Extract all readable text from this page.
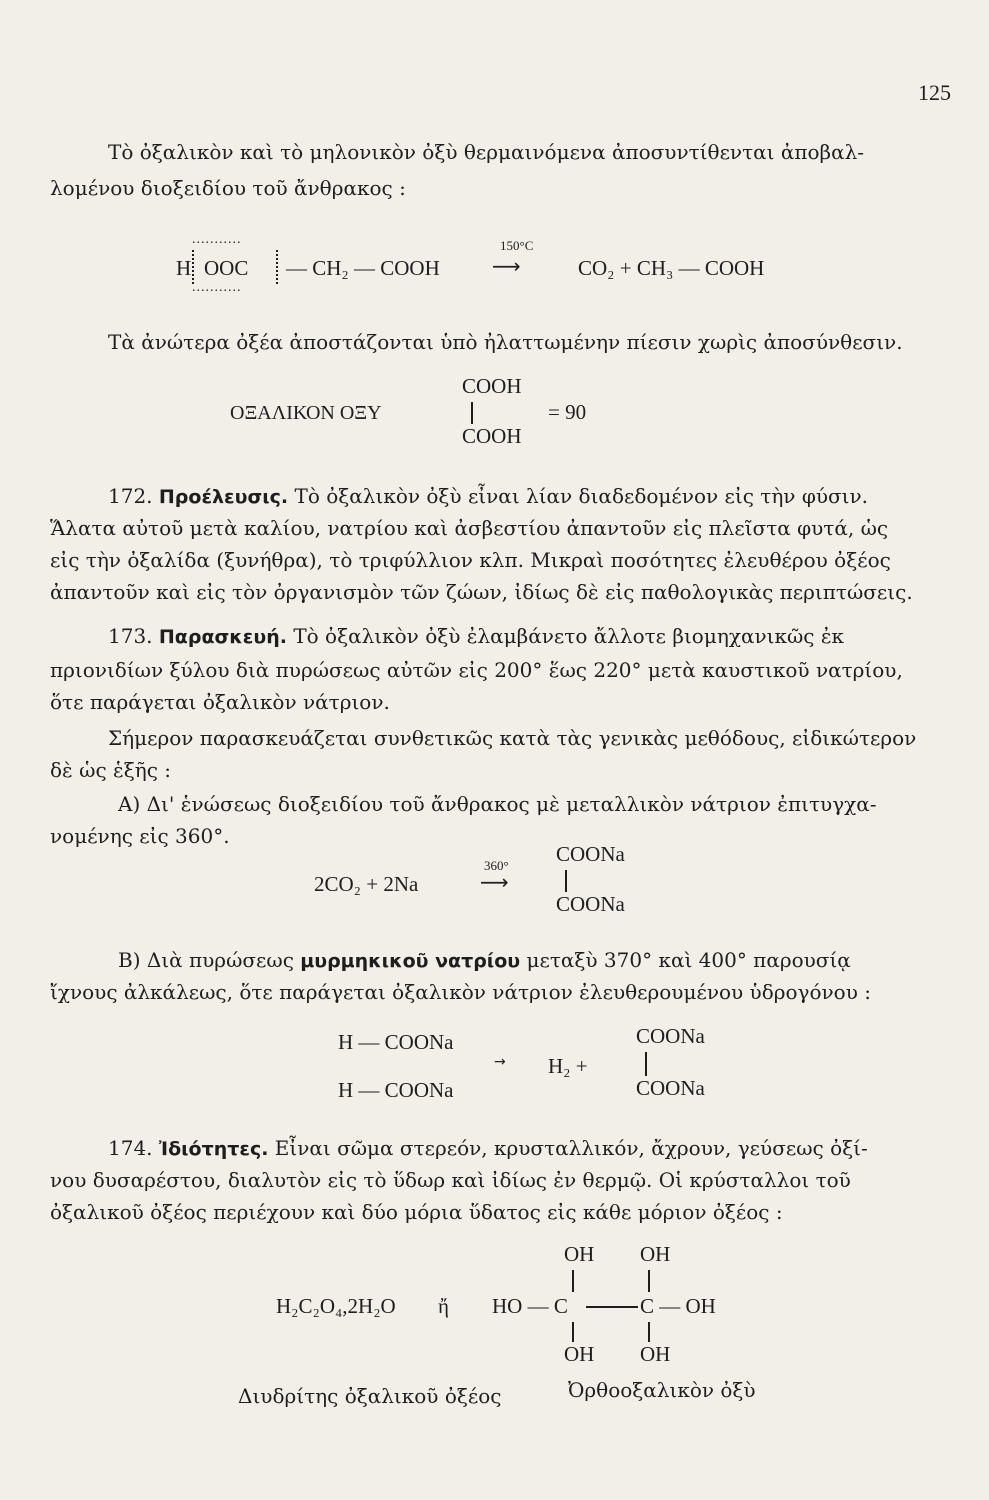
125
Τὸ ὀξαλικὸν καὶ τὸ μηλονικὸν ὀξὺ θερμαινόμενα ἀποσυντίθενται ἀποβαλ-
λομένου διοξειδίου τοῦ ἄνθρακος :
...........
H OOC — CH₂ — COOH
...........
150°C
⟶	CO₂ + CH₃ — COOH
Τὰ ἀνώτερα ὀξέα ἀποστάζονται ὑπὸ ἠλαττωμένην πίεσιν χωρὶς ἀποσύνθεσιν.
ΟΞΑΛΙΚΟΝ ΟΞΥ
COOH
COOH
= 90
172. Προέλευσις. Τὸ ὀξαλικὸν ὀξὺ εἶναι λίαν διαδεδομένον εἰς τὴν φύσιν.
Ἅλατα αὐτοῦ μετὰ καλίου, νατρίου καὶ ἀσβεστίου ἀπαντοῦν εἰς πλεῖστα φυτά, ὡς
εἰς τὴν ὀξαλίδα (ξυνήθρα), τὸ τριφύλλιον κλπ. Μικραὶ ποσότητες ἐλευθέρου ὀξέος
ἀπαντοῦν καὶ εἰς τὸν ὀργανισμὸν τῶν ζώων, ἰδίως δὲ εἰς παθολογικὰς περιπτώσεις.
173. Παρασκευή. Τὸ ὀξαλικὸν ὀξὺ ἐλαμβάνετο ἄλλοτε βιομηχανικῶς ἐκ
πριονιδίων ξύλου διὰ πυρώσεως αὐτῶν εἰς 200° ἕως 220° μετὰ καυστικοῦ νατρίου,
ὅτε παράγεται ὀξαλικὸν νάτριον.
Σήμερον παρασκευάζεται συνθετικῶς κατὰ τὰς γενικὰς μεθόδους, εἰδικώτερον
δὲ ὡς ἑξῆς :
Α) Δι' ἑνώσεως διοξειδίου τοῦ ἄνθρακος μὲ μεταλλικὸν νάτριον ἐπιτυγχα-
νομένης εἰς 360°.
2CO₂ + 2Na
360°
⟶
COONa
COONa
Β) Διὰ πυρώσεως μυρμηκικοῦ νατρίου μεταξὺ 370° καὶ 400° παρουσίᾳ
ἴχνους ἀλκάλεως, ὅτε παράγεται ὀξαλικὸν νάτριον ἐλευθερουμένου ὑδρογόνου :
H — COONa
H — COONa
→ H₂ +
COONa
COONa
174. Ἰδιότητες. Εἶναι σῶμα στερεόν, κρυσταλλικόν, ἄχρουν, γεύσεως ὀξί-
νου δυσαρέστου, διαλυτὸν εἰς τὸ ὕδωρ καὶ ἰδίως ἐν θερμῷ. Οἱ κρύσταλλοι τοῦ
ὀξαλικοῦ ὀξέος περιέχουν καὶ δύο μόρια ὕδατος εἰς κάθε μόριον ὀξέος :
OH OH
H₂C₂O₄,2H₂O ἤ HO — C	C — OH
OH OH
Διυδρίτης ὀξαλικοῦ ὀξέος	Ὀρθοοξαλικὸν ὀξὺ
